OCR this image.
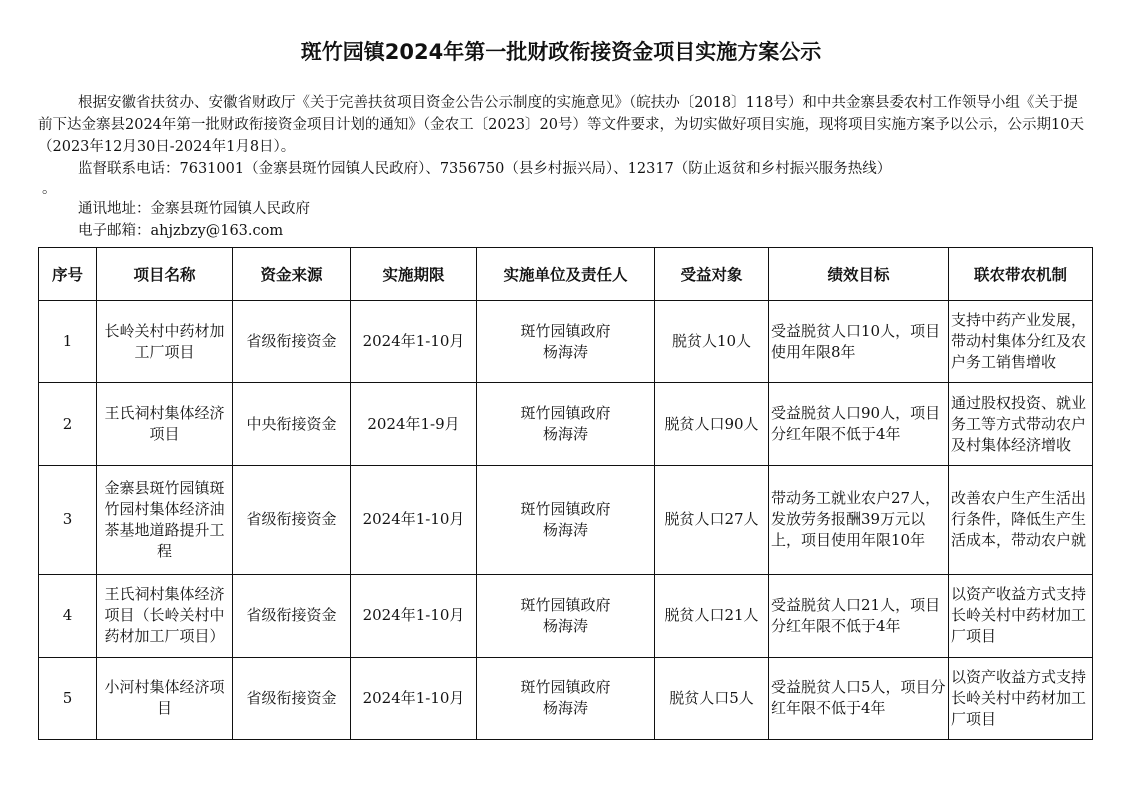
斑竹园镇2024年第一批财政衔接资金项目实施方案公示

根据安徽省扶贫办、安徽省财政厅《关于完善扶贫项目资金公告公示制度的实施意见》（皖扶办〔2018〕118号）和中共金寨县委农村工作领导小组《关于提前下达金寨县2024年第一批财政衔接资金项目计划的通知》（金农工〔2023〕20号）等文件要求，为切实做好项目实施，现将项目实施方案予以公示，公示期10天（2023年12月30日-2024年1月8日）。

监督联系电话：7631001（金寨县斑竹园镇人民政府）、7356750（县乡村振兴局）、12317（防止返贫和乡村振兴服务热线）

。

通讯地址：金寨县斑竹园镇人民政府

电子邮箱：ahjzbzy@163.com

序号	项目名称	资金来源	实施期限	实施单位及责任人	受益对象	绩效目标	联农带农机制
1	长岭关村中药材加工厂项目	省级衔接资金	2024年1-10月	斑竹园镇政府
杨海涛	脱贫人10人	受益脱贫人口10人，项目使用年限8年	支持中药产业发展，带动村集体分红及农户务工销售增收

2	王氏祠村集体经济项目	中央衔接资金	2024年1-9月	斑竹园镇政府
杨海涛	脱贫人口90人	受益脱贫人口90人，项目分红年限不低于4年	通过股权投资、就业务工等方式带动农户及村集体经济增收

3	金寨县斑竹园镇斑竹园村集体经济油茶基地道路提升工程	省级衔接资金	2024年1-10月	斑竹园镇政府
杨海涛	脱贫人口27人	带动务工就业农户27人，发放劳务报酬39万元以上，项目使用年限10年	改善农户生产生活出行条件，降低生产生活成本，带动农户就

4	王氏祠村集体经济项目（长岭关村中药材加工厂项目）	省级衔接资金	2024年1-10月	斑竹园镇政府
杨海涛	脱贫人口21人	受益脱贫人口21人，项目分红年限不低于4年	以资产收益方式支持长岭关村中药材加工厂项目

5	小河村集体经济项目	省级衔接资金	2024年1-10月	斑竹园镇政府
杨海涛	脱贫人口5人	受益脱贫人口5人，项目分红年限不低于4年	以资产收益方式支持长岭关村中药材加工厂项目
